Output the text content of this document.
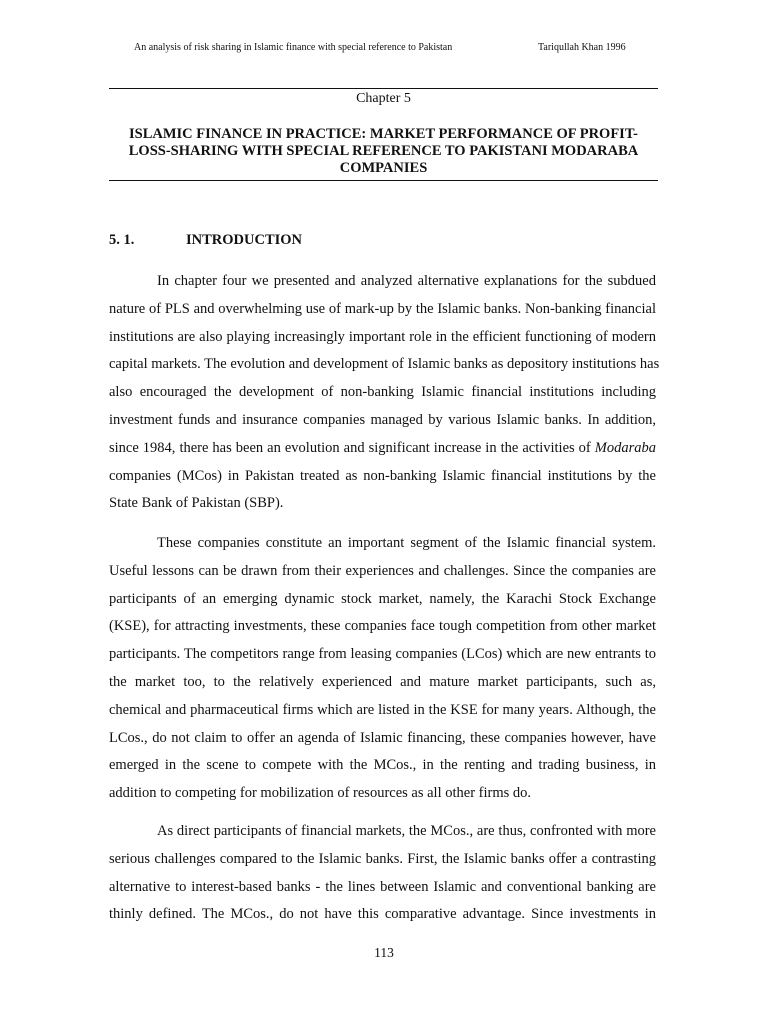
An analysis of risk sharing in Islamic finance with special reference to Pakistan	Tariqullah Khan 1996
Chapter 5
ISLAMIC FINANCE IN PRACTICE: MARKET PERFORMANCE OF PROFIT-
LOSS-SHARING WITH SPECIAL REFERENCE TO PAKISTANI MODARABA
COMPANIES
5. 1.	INTRODUCTION
In chapter four we presented and analyzed alternative explanations for the subdued
nature of PLS and overwhelming use of mark-up by the Islamic banks. Non-banking financial
institutions are also playing increasingly important role in the efficient functioning of modern
capital markets. The evolution and development of Islamic banks as depository institutions has
also encouraged the development of non-banking Islamic financial institutions including
investment funds and insurance companies managed by various Islamic banks. In addition,
since 1984, there has been an evolution and significant increase in the activities of Modaraba
companies (MCos) in Pakistan treated as non-banking Islamic financial institutions by the
State Bank of Pakistan (SBP).
These companies constitute an important segment of the Islamic financial system.
Useful lessons can be drawn from their experiences and challenges. Since the companies are
participants of an emerging dynamic stock market, namely, the Karachi Stock Exchange
(KSE), for attracting investments, these companies face tough competition from other market
participants. The competitors range from leasing companies (LCos) which are new entrants to
the market too, to the relatively experienced and mature market participants, such as,
chemical and pharmaceutical firms which are listed in the KSE for many years. Although, the
LCos., do not claim to offer an agenda of Islamic financing, these companies however, have
emerged in the scene to compete with the MCos., in the renting and trading business, in
addition to competing for mobilization of resources as all other firms do.
As direct participants of financial markets, the MCos., are thus, confronted with more
serious challenges compared to the Islamic banks. First, the Islamic banks offer a contrasting
alternative to interest-based banks - the lines between Islamic and conventional banking are
thinly defined. The MCos., do not have this comparative advantage. Since investments in
113
